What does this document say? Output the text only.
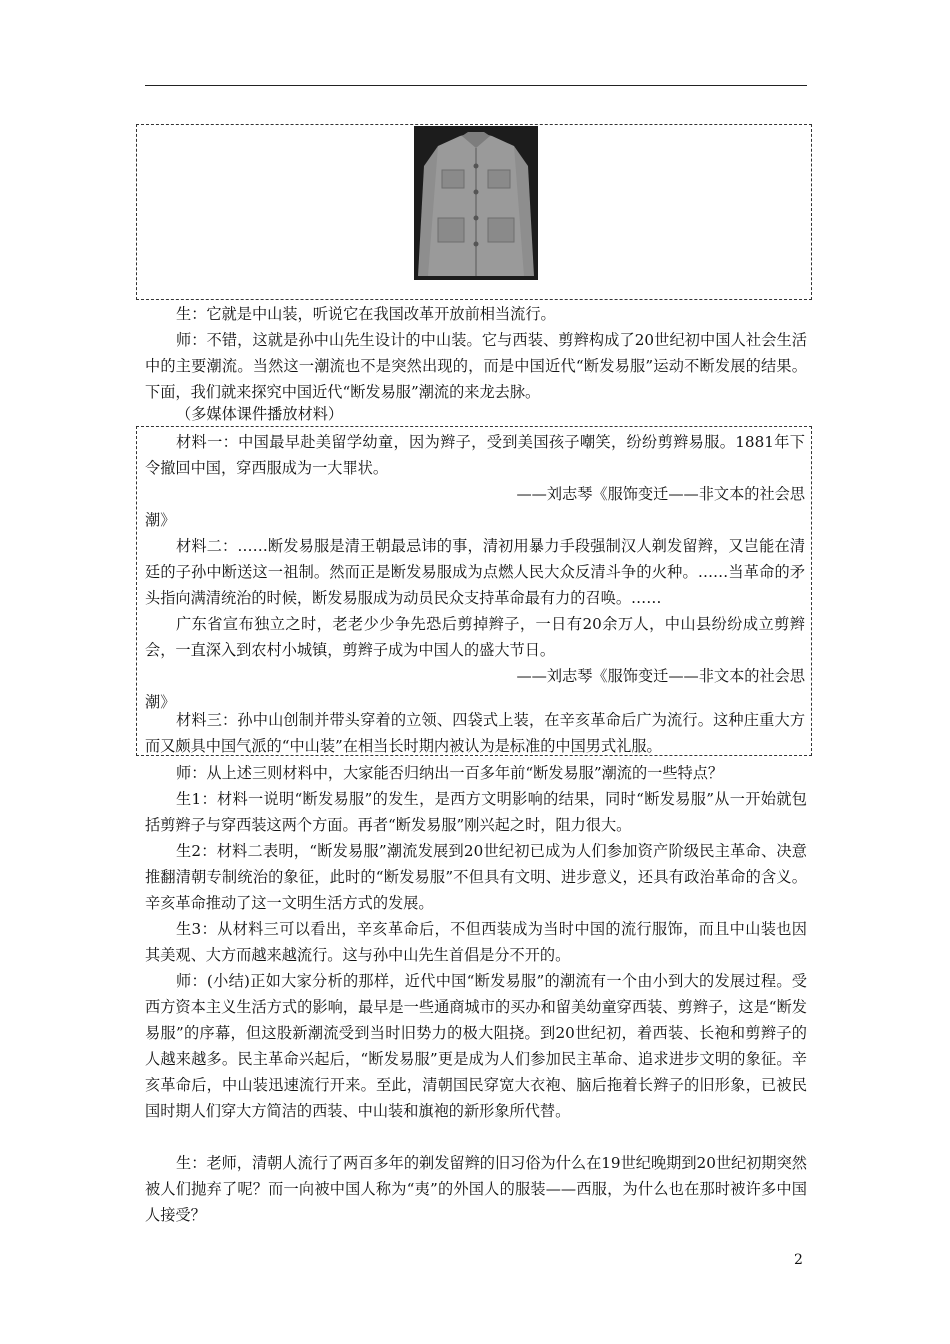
生：它就是中山装，听说它在我国改革开放前相当流行。

师：不错，这就是孙中山先生设计的中山装。它与西装、剪辫构成了20世纪初中国人社会生活中的主要潮流。当然这一潮流也不是突然出现的，而是中国近代“断发易服”运动不断发展的结果。下面，我们就来探究中国近代“断发易服”潮流的来龙去脉。

（多媒体课件播放材料）

材料一：中国最早赴美留学幼童，因为辫子，受到美国孩子嘲笑，纷纷剪辫易服。1881年下令撤回中国，穿西服成为一大罪状。

——刘志琴《服饰变迁——非文本的社会思

潮》

材料二：……断发易服是清王朝最忌讳的事，清初用暴力手段强制汉人剃发留辫，又岂能在清廷的子孙中断送这一祖制。然而正是断发易服成为点燃人民大众反清斗争的火种。……当革命的矛头指向满清统治的时候，断发易服成为动员民众支持革命最有力的召唤。……

广东省宣布独立之时，老老少少争先恐后剪掉辫子，一日有20余万人，中山县纷纷成立剪辫会，一直深入到农村小城镇，剪辫子成为中国人的盛大节日。

——刘志琴《服饰变迁——非文本的社会思

潮》

材料三：孙中山创制并带头穿着的立领、四袋式上装，在辛亥革命后广为流行。这种庄重大方而又颇具中国气派的“中山装”在相当长时期内被认为是标准的中国男式礼服。

师：从上述三则材料中，大家能否归纳出一百多年前“断发易服”潮流的一些特点？

生1：材料一说明“断发易服”的发生，是西方文明影响的结果，同时“断发易服”从一开始就包括剪辫子与穿西装这两个方面。再者“断发易服”刚兴起之时，阻力很大。

生2：材料二表明，“断发易服”潮流发展到20世纪初已成为人们参加资产阶级民主革命、决意推翻清朝专制统治的象征，此时的“断发易服”不但具有文明、进步意义，还具有政治革命的含义。辛亥革命推动了这一文明生活方式的发展。

生3：从材料三可以看出，辛亥革命后，不但西装成为当时中国的流行服饰，而且中山装也因其美观、大方而越来越流行。这与孙中山先生首倡是分不开的。

师：(小结)正如大家分析的那样，近代中国“断发易服”的潮流有一个由小到大的发展过程。受西方资本主义生活方式的影响，最早是一些通商城市的买办和留美幼童穿西装、剪辫子，这是“断发易服”的序幕，但这股新潮流受到当时旧势力的极大阻挠。到20世纪初，着西装、长袍和剪辫子的人越来越多。民主革命兴起后，“断发易服”更是成为人们参加民主革命、追求进步文明的象征。辛亥革命后，中山装迅速流行开来。至此，清朝国民穿宽大衣袍、脑后拖着长辫子的旧形象，已被民国时期人们穿大方简洁的西装、中山装和旗袍的新形象所代替。

生：老师，清朝人流行了两百多年的剃发留辫的旧习俗为什么在19世纪晚期到20世纪初期突然被人们抛弃了呢？而一向被中国人称为“夷”的外国人的服装——西服，为什么也在那时被许多中国人接受？

2
